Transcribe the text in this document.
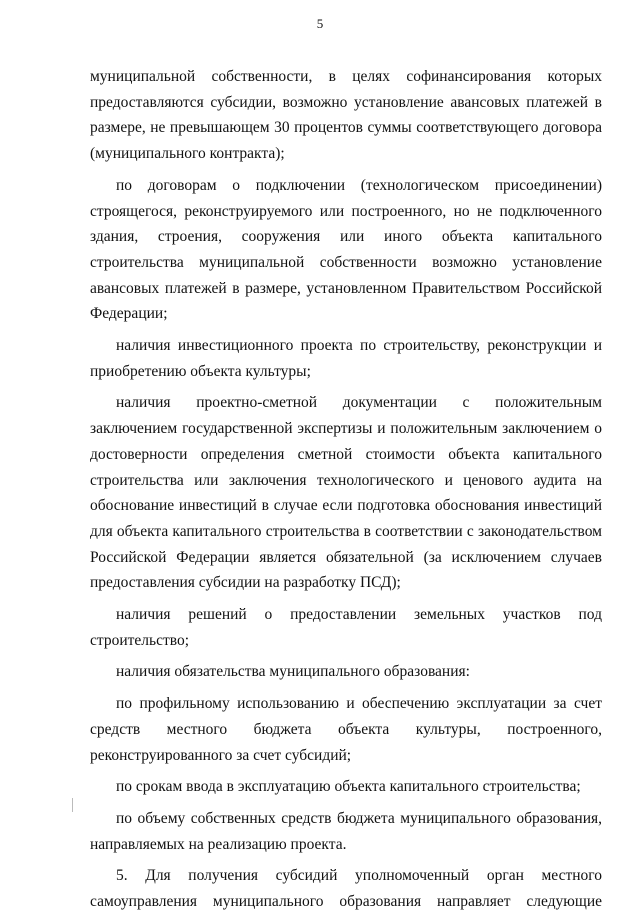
5

муниципальной собственности, в целях софинансирования которых предоставляются субсидии, возможно установление авансовых платежей в размере, не превышающем 30 процентов суммы соответствующего договора (муниципального контракта);

по договорам о подключении (технологическом присоединении) строящегося, реконструируемого или построенного, но не подключенного здания, строения, сооружения или иного объекта капитального строительства муниципальной собственности возможно установление авансовых платежей в размере, установленном Правительством Российской Федерации;

наличия инвестиционного проекта по строительству, реконструкции и приобретению объекта культуры;

наличия проектно-сметной документации с положительным заключением государственной экспертизы и положительным заключением о достоверности определения сметной стоимости объекта капитального строительства или заключения технологического и ценового аудита на обоснование инвестиций в случае если подготовка обоснования инвестиций для объекта капитального строительства в соответствии с законодательством Российской Федерации является обязательной (за исключением случаев предоставления субсидии на разработку ПСД);

наличия решений о предоставлении земельных участков под строительство;

наличия обязательства муниципального образования:

по профильному использованию и обеспечению эксплуатации за счет средств местного бюджета объекта культуры, построенного, реконструированного за счет субсидий;

по срокам ввода в эксплуатацию объекта капитального строительства;

по объему собственных средств бюджета муниципального образования, направляемых на реализацию проекта.

5. Для получения субсидий уполномоченный орган местного самоуправления муниципального образования направляет следующие
